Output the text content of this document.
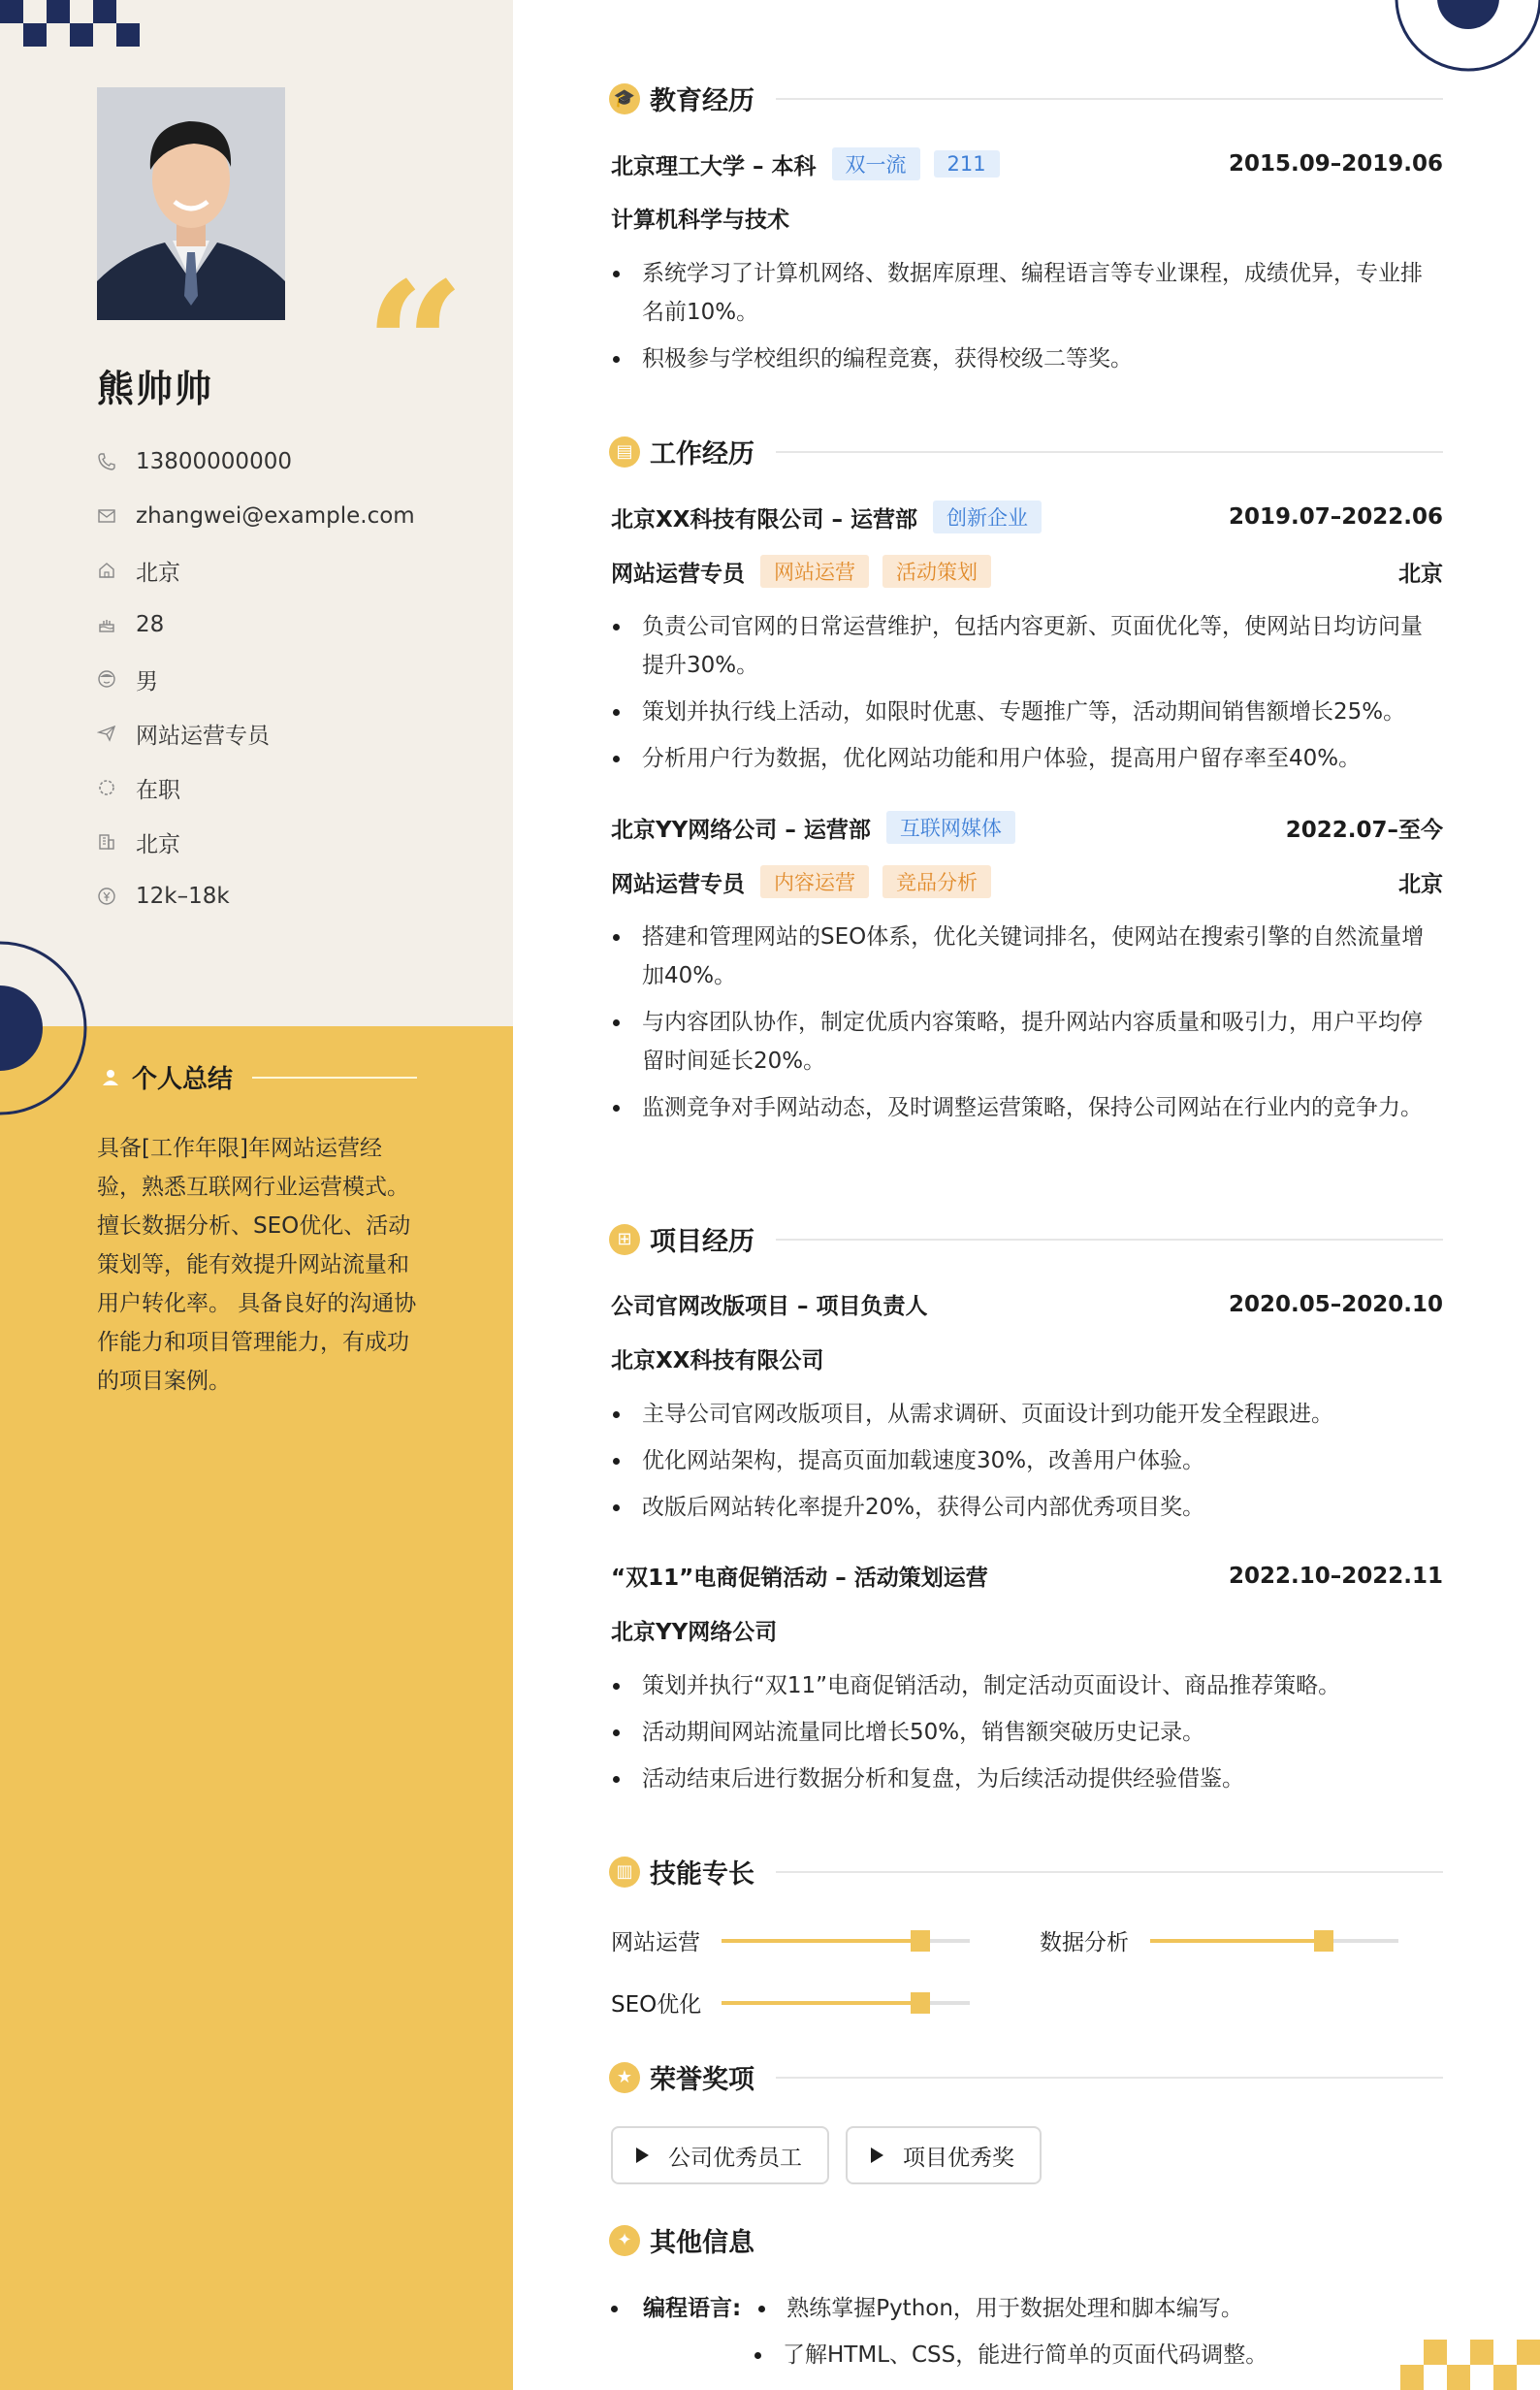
“
熊帅帅
13800000000
zhangwei@example.com
北京
28
男
网站运营专员
在职
北京
12k–18k
个人总结

具备[工作年限]年网站运营经验，熟悉互联网行业运营模式。 擅长数据分析、SEO优化、活动策划等，能有效提升网站流量和用户转化率。 具备良好的沟通协作能力和项目管理能力，有成功的项目案例。

🎓 教育经历
北京理工大学 – 本科	双一流	211	2015.09–2019.06
计算机科学与技术
系统学习了计算机网络、数据库原理、编程语言等专业课程，成绩优异，专业排名前10%。
积极参与学校组织的编程竞赛，获得校级二等奖。
▤ 工作经历
北京XX科技有限公司 – 运营部	创新企业	2019.07–2022.06
网站运营专员	网站运营	活动策划	北京
负责公司官网的日常运营维护，包括内容更新、页面优化等，使网站日均访问量提升30%。
策划并执行线上活动，如限时优惠、专题推广等，活动期间销售额增长25%。
分析用户行为数据，优化网站功能和用户体验，提高用户留存率至40%。
北京YY网络公司 – 运营部	互联网媒体	2022.07–至今
网站运营专员	内容运营	竞品分析	北京
搭建和管理网站的SEO体系，优化关键词排名，使网站在搜索引擎的自然流量增加40%。
与内容团队协作，制定优质内容策略，提升网站内容质量和吸引力，用户平均停留时间延长20%。
监测竞争对手网站动态，及时调整运营策略，保持公司网站在行业内的竞争力。
⊞ 项目经历
公司官网改版项目 – 项目负责人	2020.05–2020.10
北京XX科技有限公司
主导公司官网改版项目，从需求调研、页面设计到功能开发全程跟进。
优化网站架构，提高页面加载速度30%，改善用户体验。
改版后网站转化率提升20%，获得公司内部优秀项目奖。
“双11”电商促销活动 – 活动策划运营	2022.10–2022.11
北京YY网络公司
策划并执行“双11”电商促销活动，制定活动页面设计、商品推荐策略。
活动期间网站流量同比增长50%，销售额突破历史记录。
活动结束后进行数据分析和复盘，为后续活动提供经验借鉴。
▥ 技能专长
网站运营	数据分析
SEO优化
★ 荣誉奖项
公司优秀员工	项目优秀奖
✦ 其他信息
编程语言: 熟练掌握Python，用于数据处理和脚本编写。
了解HTML、CSS，能进行简单的页面代码调整。
